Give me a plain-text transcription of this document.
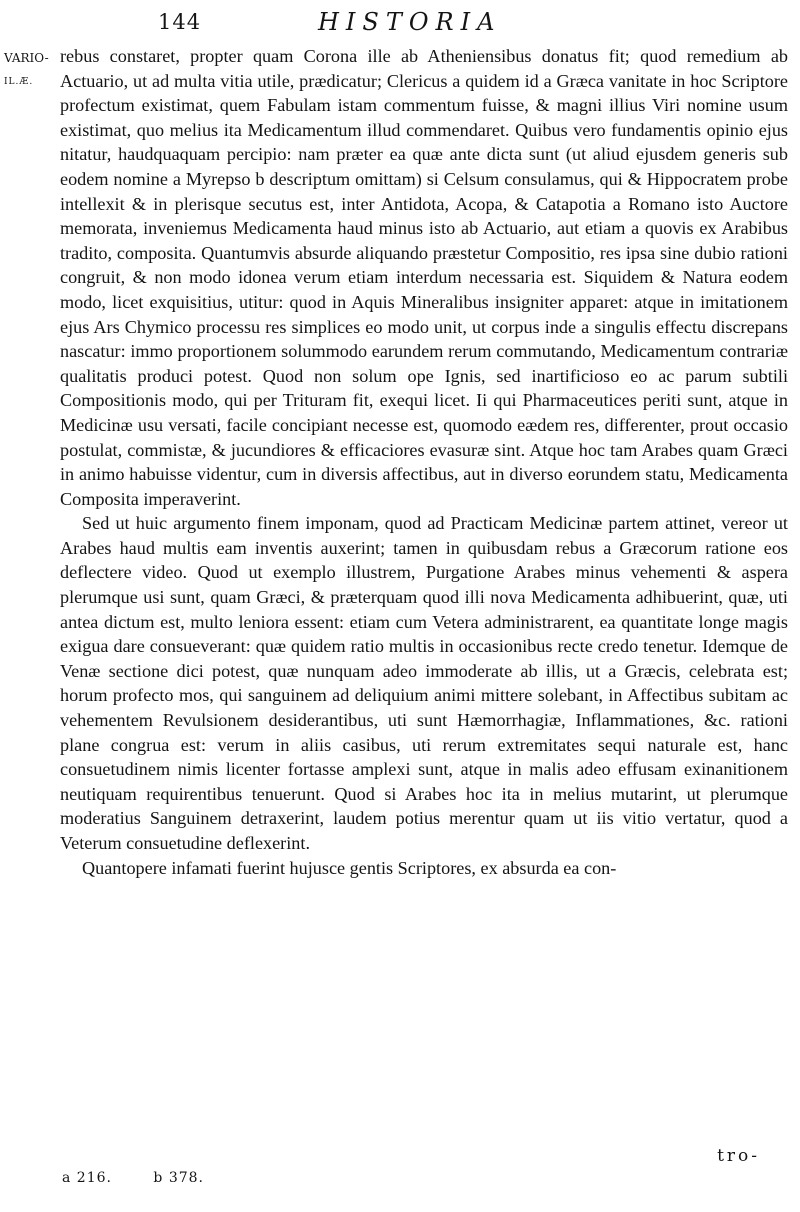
144	HISTORIA
VARIO-
IL.Æ.

rebus constaret, propter quam Corona ille ab Atheniensibus donatus fit; quod remedium ab Actuario, ut ad multa vitia utile, prædicatur; Clericus a quidem id a Græca vanitate in hoc Scriptore profectum existimat, quem Fabulam istam commentum fuisse, & magni illius Viri nomine usum existimat, quo melius ita Medicamentum illud commendaret. Quibus vero fundamentis opinio ejus nitatur, haudquaquam percipio: nam præter ea quæ ante dicta sunt (ut aliud ejusdem generis sub eodem nomine a Myrepso b descriptum omittam) si Celsum consulamus, qui & Hippocratem probe intellexit & in plerisque secutus est, inter Antidota, Acopa, & Catapotia a Romano isto Auctore memorata, inveniemus Medicamenta haud minus isto ab Actuario, aut etiam a quovis ex Arabibus tradito, composita. Quantumvis absurde aliquando præstetur Compositio, res ipsa sine dubio rationi congruit, & non modo idonea verum etiam interdum necessaria est. Siquidem & Natura eodem modo, licet exquisitius, utitur: quod in Aquis Mineralibus insigniter apparet: atque in imitationem ejus Ars Chymico processu res simplices eo modo unit, ut corpus inde a singulis effectu discrepans nascatur: immo proportionem solummodo earundem rerum commutando, Medicamentum contrariæ qualitatis produci potest. Quod non solum ope Ignis, sed inartificioso eo ac parum subtili Compositionis modo, qui per Trituram fit, exequi licet. Ii qui Pharmaceutices periti sunt, atque in Medicinæ usu versati, facile concipiant necesse est, quomodo eædem res, differenter, prout occasio postulat, commistæ, & jucundiores & efficaciores evasuræ sint. Atque hoc tam Arabes quam Græci in animo habuisse videntur, cum in diversis affectibus, aut in diverso eorundem statu, Medicamenta Composita imperaverint.

Sed ut huic argumento finem imponam, quod ad Practicam Medicinæ partem attinet, vereor ut Arabes haud multis eam inventis auxerint; tamen in quibusdam rebus a Græcorum ratione eos deflectere video. Quod ut exemplo illustrem, Purgatione Arabes minus vehementi & aspera plerumque usi sunt, quam Græci, & præterquam quod illi nova Medicamenta adhibuerint, quæ, uti antea dictum est, multo leniora essent: etiam cum Vetera administrarent, ea quantitate longe magis exigua dare consueverant: quæ quidem ratio multis in occasionibus recte credo tenetur. Idemque de Venæ sectione dici potest, quæ nunquam adeo immoderate ab illis, ut a Græcis, celebrata est; horum profecto mos, qui sanguinem ad deliquium animi mittere solebant, in Affectibus subitam ac vehementem Revulsionem desiderantibus, uti sunt Hæmorrhagiæ, Inflammationes, &c. rationi plane congrua est: verum in aliis casibus, uti rerum extremitates sequi naturale est, hanc consuetudinem nimis licenter fortasse amplexi sunt, atque in malis adeo effusam exinanitionem neutiquam requirentibus tenuerunt. Quod si Arabes hoc ita in melius mutarint, ut plerumque moderatius Sanguinem detraxerint, laudem potius merentur quam ut iis vitio vertatur, quod a Veterum consuetudine deflexerint.

Quantopere infamati fuerint hujusce gentis Scriptores, ex absurda ea con-

tro-
a 216.	b 378.
